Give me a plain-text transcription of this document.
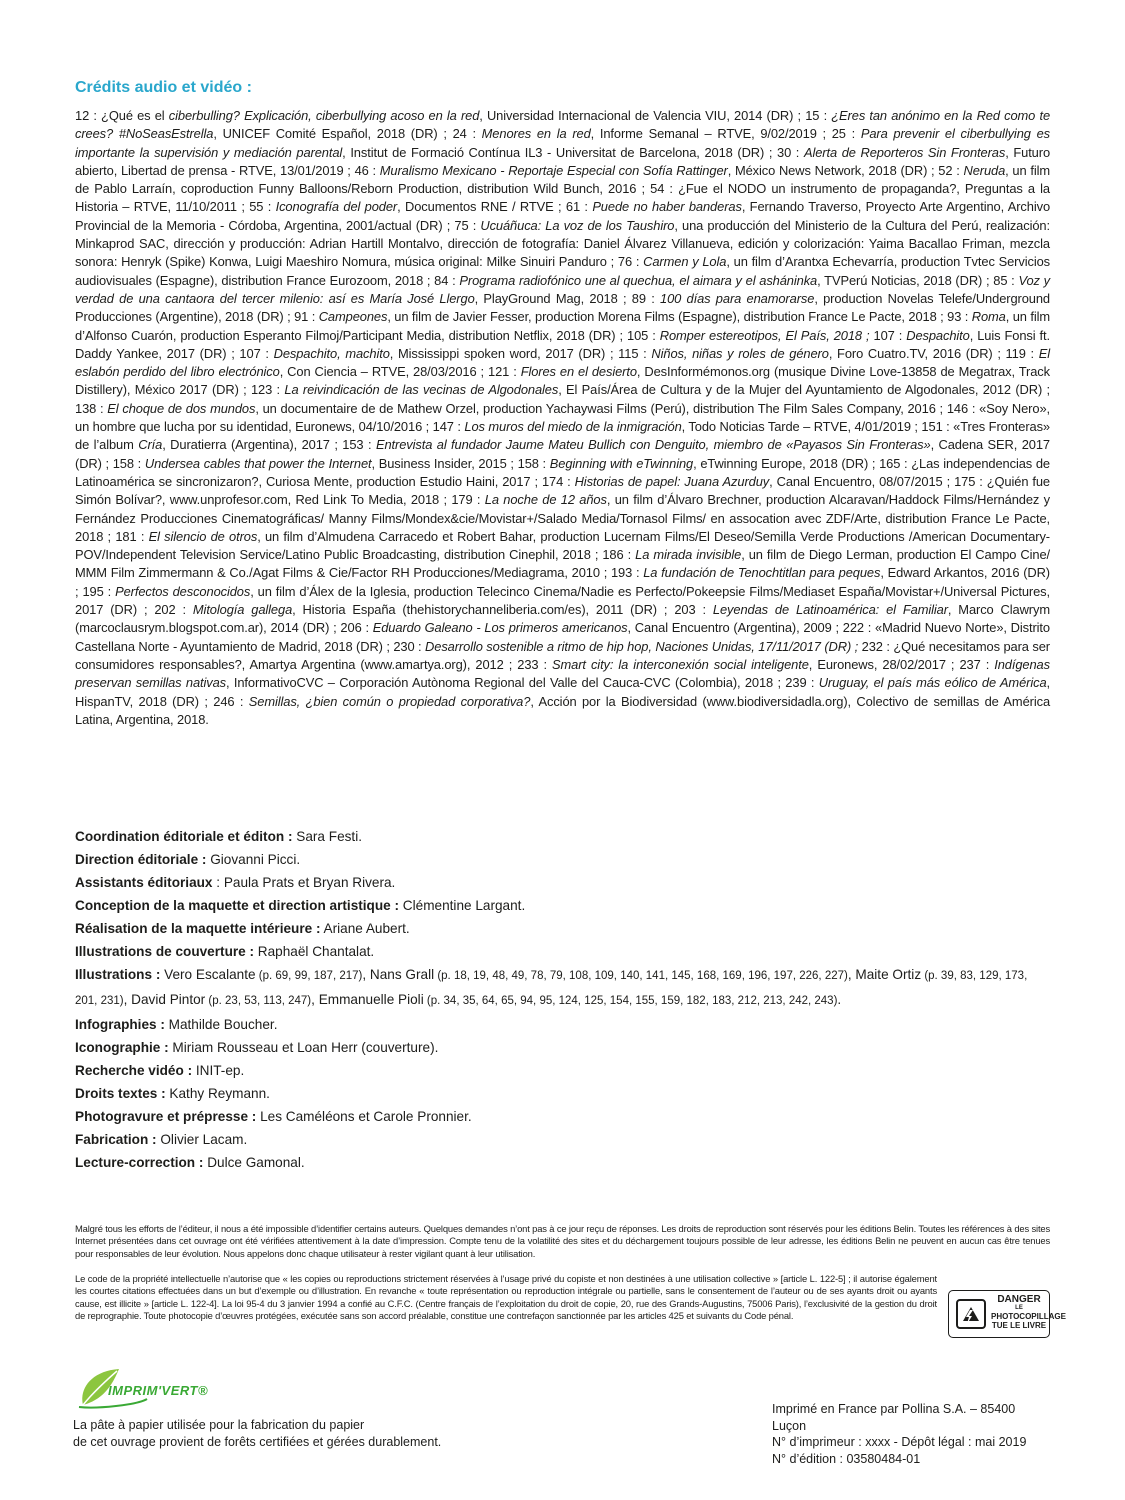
Crédits audio et vidéo :

12 : ¿Qué es el ciberbulling? Explicación, ciberbullying acoso en la red, Universidad Internacional de Valencia VIU, 2014 (DR) ; 15 : ¿Eres tan anónimo en la Red como te crees? #NoSeasEstrella, UNICEF Comité Español, 2018 (DR) ; 24 : Menores en la red, Informe Semanal – RTVE, 9/02/2019 ; 25 : Para prevenir el ciberbullying es importante la supervisión y mediación parental, Institut de Formació Contínua IL3 - Universitat de Barcelona, 2018 (DR) ; 30 : Alerta de Reporteros Sin Fronteras, Futuro abierto, Libertad de prensa - RTVE, 13/01/2019 ; 46 : Muralismo Mexicano - Reportaje Especial con Sofía Rattinger, México News Network, 2018 (DR) ; 52 : Neruda, un film de Pablo Larraín, coproduction Funny Balloons/Reborn Production, distribution Wild Bunch, 2016 ; 54 : ¿Fue el NODO un instrumento de propaganda?, Preguntas a la Historia – RTVE, 11/10/2011 ; 55 : Iconografía del poder, Documentos RNE / RTVE ; 61 : Puede no haber banderas, Fernando Traverso, Proyecto Arte Argentino, Archivo Provincial de la Memoria - Córdoba, Argentina, 2001/actual (DR) ; 75 : Ucuáñuca: La voz de los Taushiro, una producción del Ministerio de la Cultura del Perú, realización: Minkaprod SAC, dirección y producción: Adrian Hartill Montalvo, dirección de fotografía: Daniel Álvarez Villanueva, edición y colorización: Yaima Bacallao Friman, mezcla sonora: Henryk (Spike) Konwa, Luigi Maeshiro Nomura, música original: Milke Sinuiri Panduro ; 76 : Carmen y Lola, un film d’Arantxa Echevarría, production Tvtec Servicios audiovisuales (Espagne), distribution France Eurozoom, 2018 ; 84 : Programa radiofónico une al quechua, el aimara y el asháninka, TVPerú Noticias, 2018 (DR) ; 85 : Voz y verdad de una cantaora del tercer milenio: así es María José Llergo, PlayGround Mag, 2018 ; 89 : 100 días para enamorarse, production Novelas Telefe/Underground Producciones (Argentine), 2018 (DR) ; 91 : Campeones, un film de Javier Fesser, production Morena Films (Espagne), distribution France Le Pacte, 2018 ; 93 : Roma, un film d’Alfonso Cuarón, production Esperanto Filmoj/Participant Media, distribution Netflix, 2018 (DR) ; 105 : Romper estereotipos, El País, 2018 ; 107 : Despachito, Luis Fonsi ft. Daddy Yankee, 2017 (DR) ; 107 : Despachito, machito, Mississippi spoken word, 2017 (DR) ; 115 : Niños, niñas y roles de género, Foro Cuatro.TV, 2016 (DR) ; 119 : El eslabón perdido del libro electrónico, Con Ciencia – RTVE, 28/03/2016 ; 121 : Flores en el desierto, DesInformémonos.org (musique Divine Love-13858 de Megatrax, Track Distillery), México 2017 (DR) ; 123 : La reivindicación de las vecinas de Algodonales, El País/Área de Cultura y de la Mujer del Ayuntamiento de Algodonales, 2012 (DR) ; 138 : El choque de dos mundos, un documentaire de de Mathew Orzel, production Yachaywasi Films (Perú), distribution The Film Sales Company, 2016 ; 146 : «Soy Nero», un hombre que lucha por su identidad, Euronews, 04/10/2016 ; 147 : Los muros del miedo de la inmigración, Todo Noticias Tarde – RTVE, 4/01/2019 ; 151 : «Tres Fronteras» de l’album Cría, Duratierra (Argentina), 2017 ; 153 : Entrevista al fundador Jaume Mateu Bullich con Denguito, miembro de «Payasos Sin Fronteras», Cadena SER, 2017 (DR) ; 158 : Undersea cables that power the Internet, Business Insider, 2015 ; 158 : Beginning with eTwinning, eTwinning Europe, 2018 (DR) ; 165 : ¿Las independencias de Latinoamérica se sincronizaron?, Curiosa Mente, production Estudio Haini, 2017 ; 174 : Historias de papel: Juana Azurduy, Canal Encuentro, 08/07/2015 ; 175 : ¿Quién fue Simón Bolívar?, www.unprofesor.com, Red Link To Media, 2018 ; 179 : La noche de 12 años, un film d’Álvaro Brechner, production Alcaravan/Haddock Films/Hernández y Fernández Producciones Cinematográficas/ Manny Films/Mondex&cie/Movistar+/Salado Media/Tornasol Films/ en assocation avec ZDF/Arte, distribution France Le Pacte, 2018 ; 181 : El silencio de otros, un film d’Almudena Carracedo et Robert Bahar, production Lucernam Films/El Deseo/Semilla Verde Productions /American Documentary-POV/Independent Television Service/Latino Public Broadcasting, distribution Cinephil, 2018 ; 186 : La mirada invisible, un film de Diego Lerman, production El Campo Cine/ MMM Film Zimmermann & Co./Agat Films & Cie/Factor RH Producciones/Mediagrama, 2010 ; 193 : La fundación de Tenochtitlan para peques, Edward Arkantos, 2016 (DR) ; 195 : Perfectos desconocidos, un film d’Álex de la Iglesia, production Telecinco Cinema/Nadie es Perfecto/Pokeepsie Films/Mediaset España/Movistar+/Universal Pictures, 2017 (DR) ; 202 : Mitología gallega, Historia España (thehistorychanneliberia.com/es), 2011 (DR) ; 203 : Leyendas de Latinoamérica: el Familiar, Marco Clawrym (marcoclausrym.blogspot.com.ar), 2014 (DR) ; 206 : Eduardo Galeano - Los primeros americanos, Canal Encuentro (Argentina), 2009 ; 222 : «Madrid Nuevo Norte», Distrito Castellana Norte - Ayuntamiento de Madrid, 2018 (DR) ; 230 : Desarrollo sostenible a ritmo de hip hop, Naciones Unidas, 17/11/2017 (DR) ; 232 : ¿Qué necesitamos para ser consumidores responsables?, Amartya Argentina (www.amartya.org), 2012 ; 233 : Smart city: la interconexión social inteligente, Euronews, 28/02/2017 ; 237 : Indígenas preservan semillas nativas, InformativoCVC – Corporación Autònoma Regional del Valle del Cauca-CVC (Colombia), 2018 ; 239 : Uruguay, el país más eólico de América, HispanTV, 2018 (DR) ; 246 : Semillas, ¿bien común o propiedad corporativa?, Acción por la Biodiversidad (www.biodiversidadla.org), Colectivo de semillas de América Latina, Argentina, 2018.

Coordination éditoriale et éditon : Sara Festi.

Direction éditoriale : Giovanni Picci.

Assistants éditoriaux : Paula Prats et Bryan Rivera.

Conception de la maquette et direction artistique : Clémentine Largant.

Réalisation de la maquette intérieure : Ariane Aubert.

Illustrations de couverture : Raphaël Chantalat.

Illustrations : Vero Escalante (p. 69, 99, 187, 217), Nans Grall (p. 18, 19, 48, 49, 78, 79, 108, 109, 140, 141, 145, 168, 169, 196, 197, 226, 227), Maite Ortiz (p. 39, 83, 129, 173, 201, 231), David Pintor (p. 23, 53, 113, 247), Emmanuelle Pioli (p. 34, 35, 64, 65, 94, 95, 124, 125, 154, 155, 159, 182, 183, 212, 213, 242, 243).

Infographies : Mathilde Boucher.

Iconographie : Miriam Rousseau et Loan Herr (couverture).

Recherche vidéo : INIT-ep.

Droits textes : Kathy Reymann.

Photogravure et prépresse : Les Caméléons et Carole Pronnier.

Fabrication : Olivier Lacam.

Lecture-correction : Dulce Gamonal.

Malgré tous les efforts de l’éditeur, il nous a été impossible d’identifier certains auteurs. Quelques demandes n’ont pas à ce jour reçu de réponses. Les droits de reproduction sont réservés pour les éditions Belin. Toutes les références à des sites Internet présentées dans cet ouvrage ont été vérifiées attentivement à la date d’impression. Compte tenu de la volatilité des sites et du déchargement toujours possible de leur adresse, les éditions Belin ne peuvent en aucun cas être tenues pour responsables de leur évolution. Nous appelons donc chaque utilisateur à rester vigilant quant à leur utilisation.

Le code de la propriété intellectuelle n’autorise que « les copies ou reproductions strictement réservées à l’usage privé du copiste et non destinées à une utilisation collective » [article L. 122-5] ; il autorise également les courtes citations effectuées dans un but d’exemple ou d’illustration. En revanche « toute représentation ou reproduction intégrale ou partielle, sans le consentement de l’auteur ou de ses ayants droit ou ayants cause, est illicite » [article L. 122-4]. La loi 95-4 du 3 janvier 1994 a confié au C.F.C. (Centre français de l’exploitation du droit de copie, 20, rue des Grands-Augustins, 75006 Paris), l’exclusivité de la gestion du droit de reprographie. Toute photocopie d’œuvres protégées, exécutée sans son accord préalable, constitue une contrefaçon sanctionnée par les articles 425 et suivants du Code pénal.

DANGER
LE
PHOTOCOPILLAGE
TUE LE LIVRE
IMPRIM'VERT®

La pâte à papier utilisée pour la fabrication du papier
de cet ouvrage provient de forêts certifiées et gérées durablement.

Imprimé en France par Pollina S.A. – 85400 Luçon
N° d’imprimeur : xxxx - Dépôt légal : mai 2019
N° d’édition : 03580484-01
